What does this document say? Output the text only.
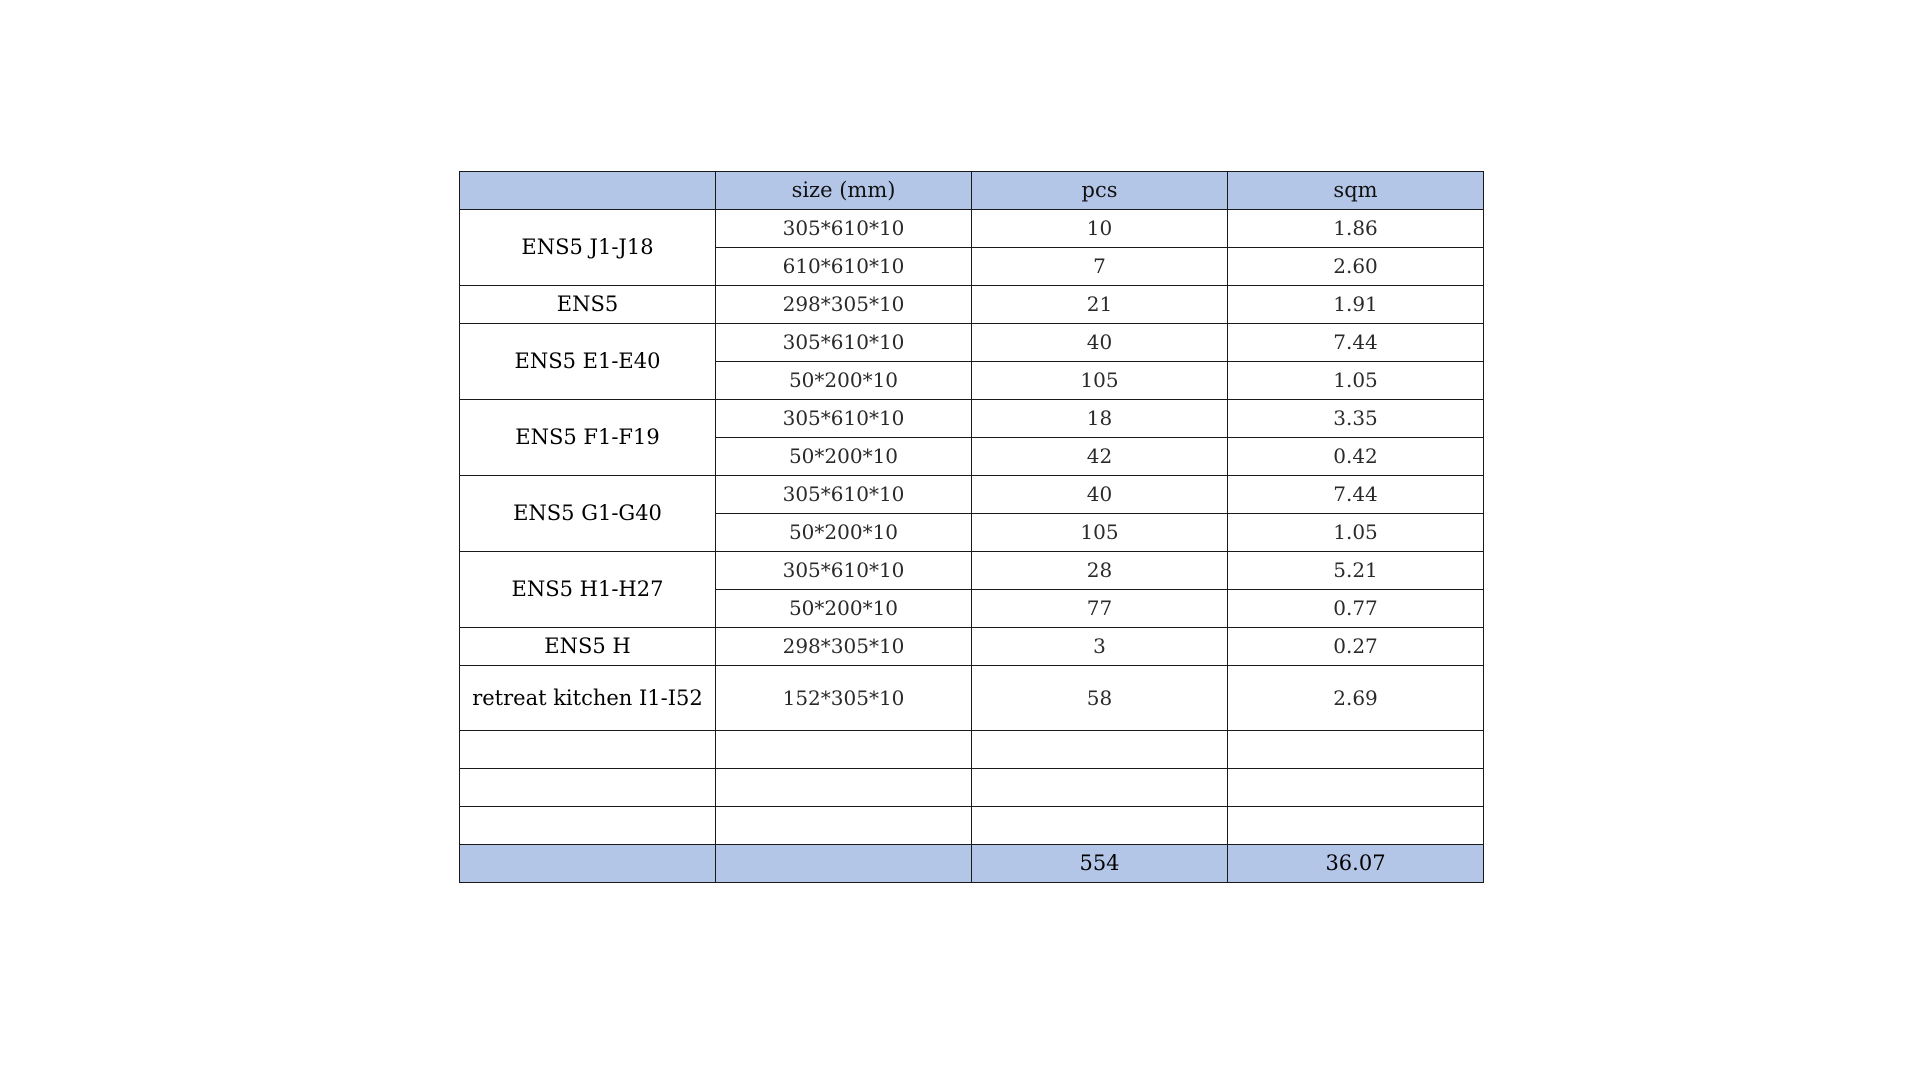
	size (mm)	pcs	sqm
ENS5 J1-J18	305*610*10	10	1.86
	610*610*10	7	2.60
ENS5	298*305*10	21	1.91
ENS5 E1-E40	305*610*10	40	7.44
	50*200*10	105	1.05
ENS5 F1-F19	305*610*10	18	3.35
	50*200*10	42	0.42
ENS5 G1-G40	305*610*10	40	7.44
	50*200*10	105	1.05
ENS5 H1-H27	305*610*10	28	5.21
	50*200*10	77	0.77
ENS5 H	298*305*10	3	0.27
retreat kitchen I1-I52	152*305*10	58	2.69

		554	36.07
